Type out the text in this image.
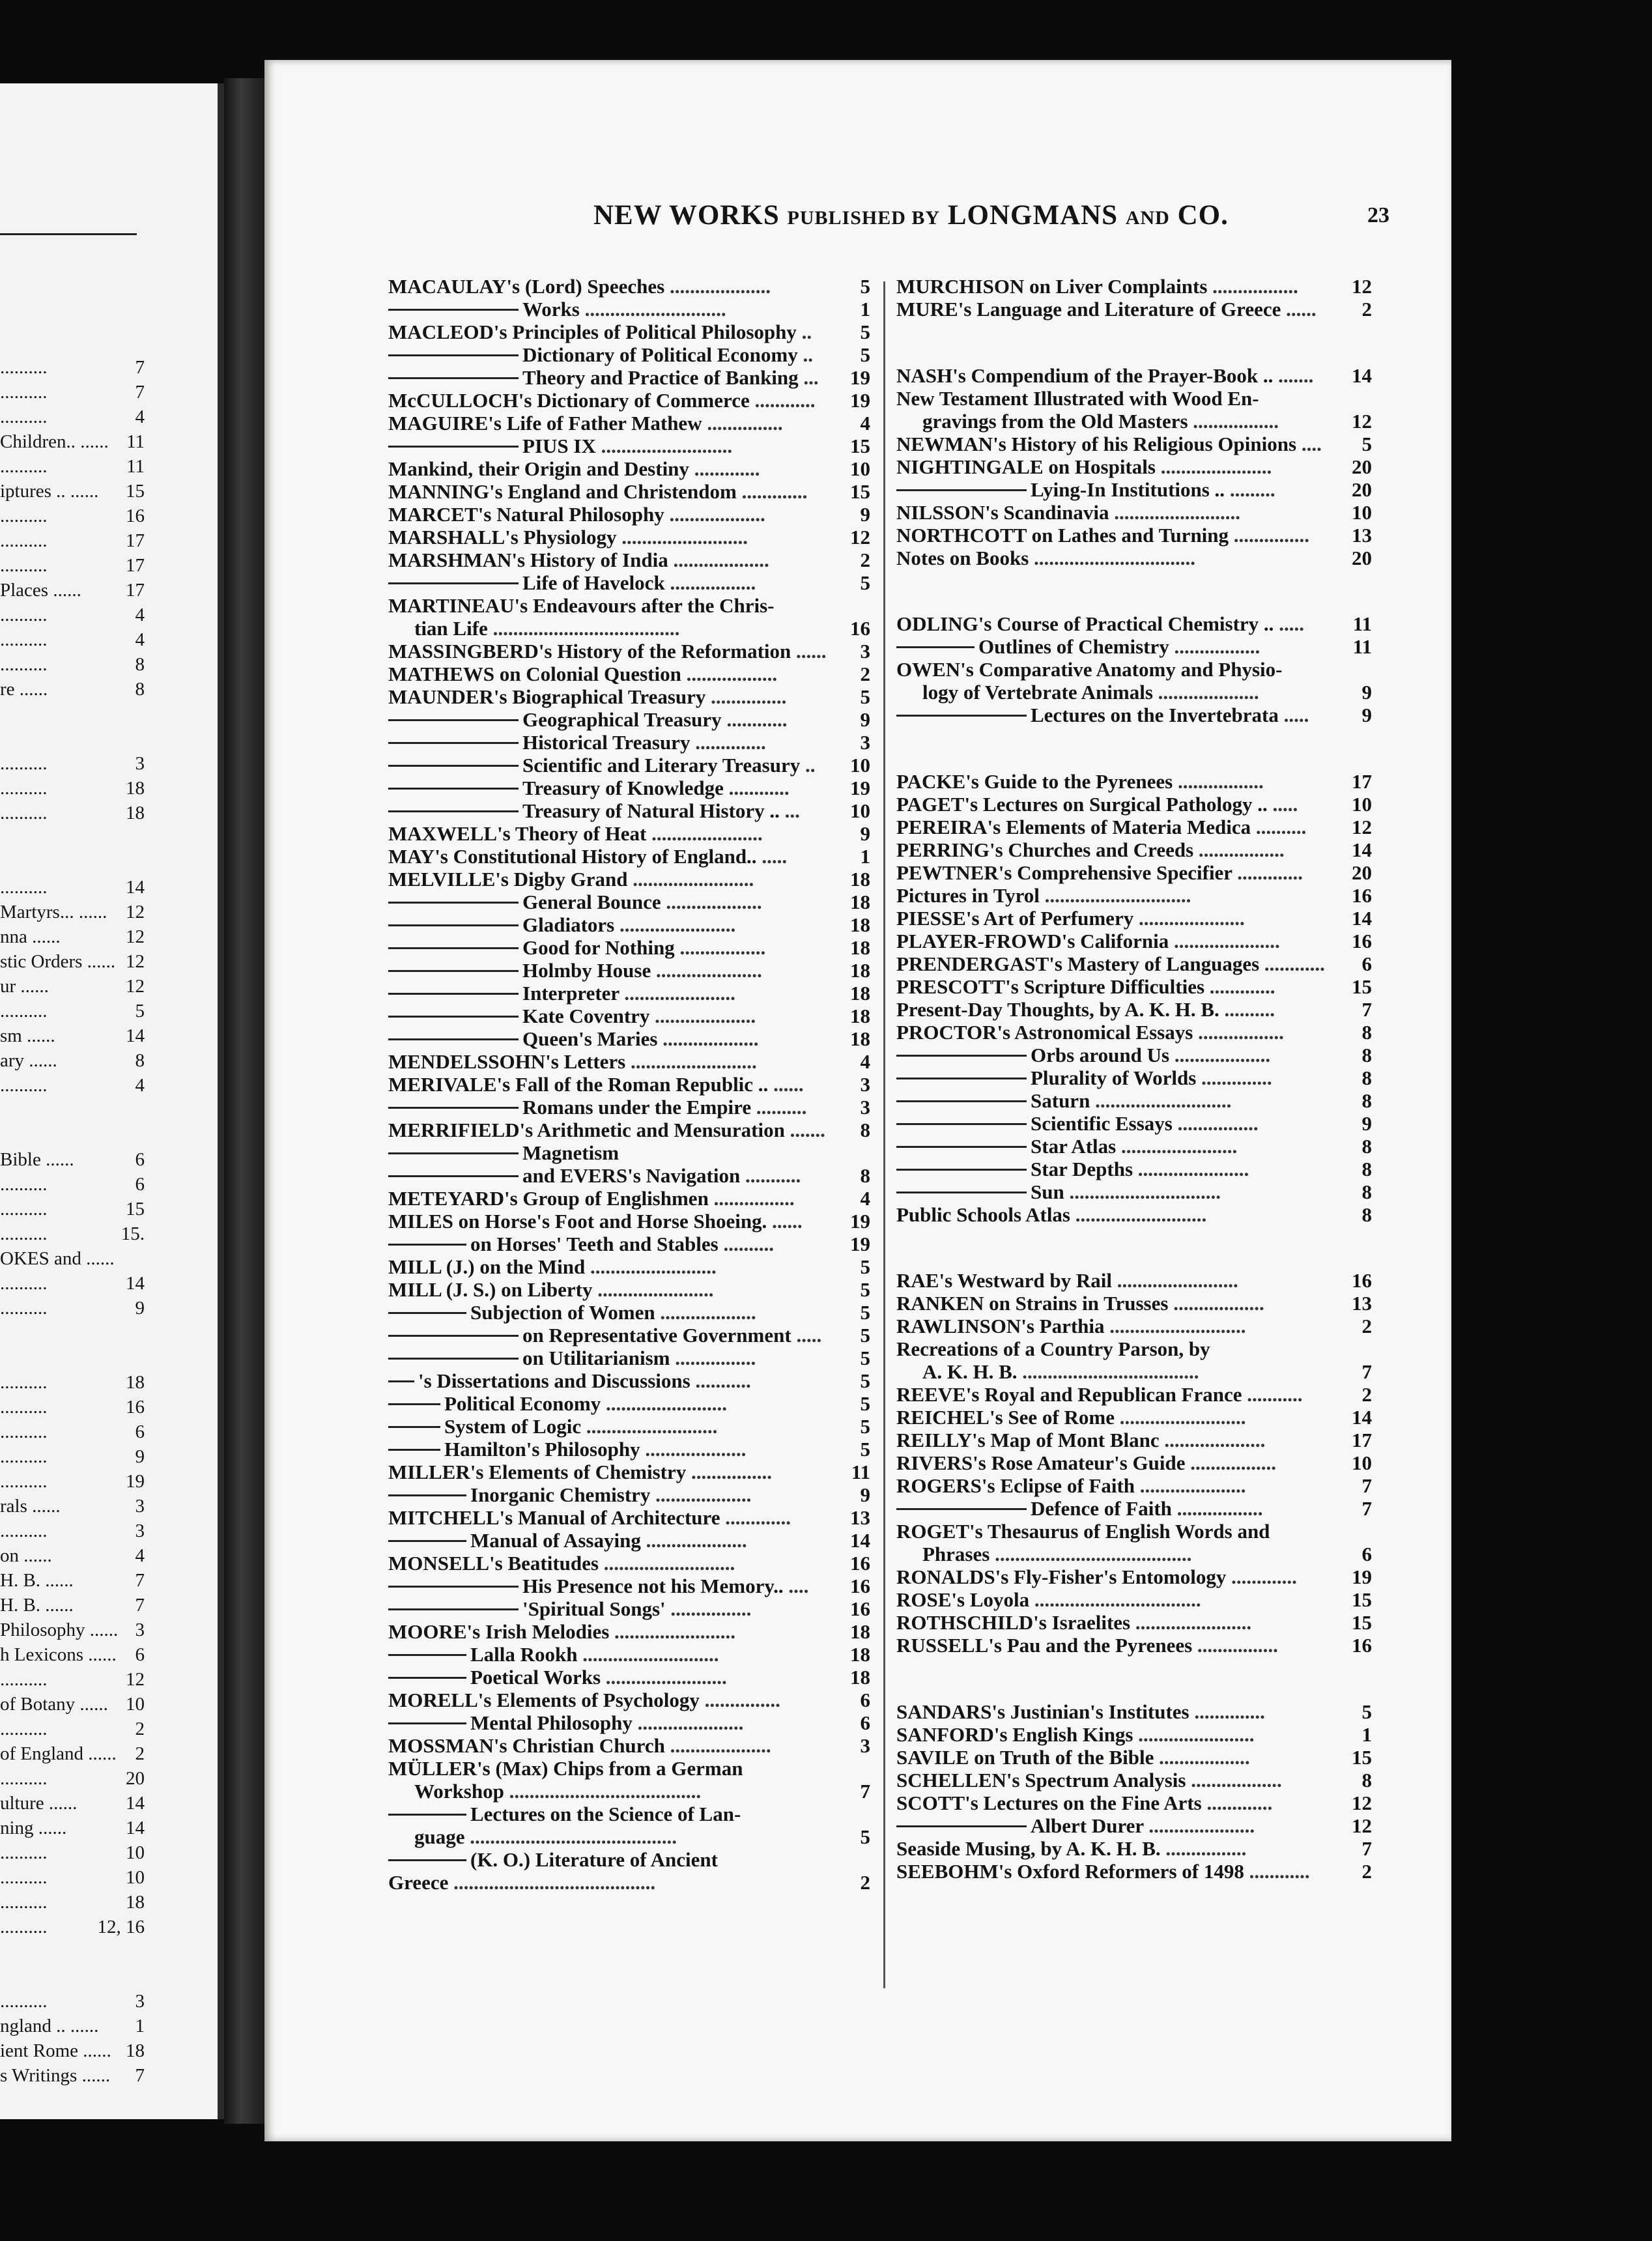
..........	7
..........	7
..........	4
Children.. ...... 11
..........	11
iptures .. ...... 15
..........	16
..........	17
..........	17
Places ...... 17
..........	4
..........	4
..........	8
re ......	8
..........	3
..........	18
..........	18
..........	14
Martyrs... ...... 12
nna ......	12
stic Orders ...... 12
ur ......	12
..........	5
sm ......	14
ary ......	8
..........	4
Bible ......	6
..........	6
..........	15
..........	15.
OKES and ......
..........	14
..........	9
..........	18
..........	16
..........	6
..........	9
..........	19
rals ......	3
..........	3
on ......	4
H. B. ......	7
H. B. ......	7
Philosophy ...... 3
h Lexicons ...... 6
..........	12
of Botany ...... 10
..........	2
of England ...... 2
..........	20
ulture ......	14
ning ......	14
..........	10
..........	10
..........	18
..........	12, 16
..........	3
ngland .. ...... 1
ient Rome ...... 18
s Writings ...... 7
NEW WORKS PUBLISHED BY LONGMANS AND CO.	23
MACAULAY's (Lord) Speeches ....................	5
Works ............................	1
MACLEOD's Principles of Political Philosophy ..	5
Dictionary of Political Economy ..	5
Theory and Practice of Banking ...	19
McCULLOCH's Dictionary of Commerce ............	19
MAGUIRE's Life of Father Mathew ...............	4
PIUS IX ..........................	15
Mankind, their Origin and Destiny .............	10
MANNING's England and Christendom .............	15
MARCET's Natural Philosophy ...................	9
MARSHALL's Physiology .........................	12
MARSHMAN's History of India ...................	2
Life of Havelock .................	5
MARTINEAU's Endeavours after the Chris-
tian Life .....................................	16
MASSINGBERD's History of the Reformation ......	3
MATHEWS on Colonial Question ..................	2
MAUNDER's Biographical Treasury ...............	5
Geographical Treasury ............	9
Historical Treasury ..............	3
Scientific and Literary Treasury ..	10
Treasury of Knowledge ............	19
Treasury of Natural History .. ...	10
MAXWELL's Theory of Heat ......................	9
MAY's Constitutional History of England.. .....	1
MELVILLE's Digby Grand ........................	18
General Bounce ...................	18
Gladiators .......................	18
Good for Nothing .................	18
Holmby House .....................	18
Interpreter ......................	18
Kate Coventry ....................	18
Queen's Maries ...................	18
MENDELSSOHN's Letters .........................	4
MERIVALE's Fall of the Roman Republic .. ......	3
Romans under the Empire ..........	3
MERRIFIELD's Arithmetic and Mensuration .......	8
Magnetism
and EVERS's Navigation ...........	8
METEYARD's Group of Englishmen ................	4
MILES on Horse's Foot and Horse Shoeing. ......	19
on Horses' Teeth and Stables ..........	19
MILL (J.) on the Mind .........................	5
MILL (J. S.) on Liberty .......................	5
Subjection of Women ...................	5
on Representative Government .....	5
on Utilitarianism ................	5
's Dissertations and Discussions ...........	5
Political Economy ........................	5
System of Logic ..........................	5
Hamilton's Philosophy ....................	5
MILLER's Elements of Chemistry ................	11
Inorganic Chemistry ...................	9
MITCHELL's Manual of Architecture .............	13
Manual of Assaying ....................	14
MONSELL's Beatitudes ..........................	16
His Presence not his Memory.. ....	16
'Spiritual Songs' ................	16
MOORE's Irish Melodies ........................	18
Lalla Rookh ...........................	18
Poetical Works ........................	18
MORELL's Elements of Psychology ...............	6
Mental Philosophy .....................	6
MOSSMAN's Christian Church ....................	3
MÜLLER's (Max) Chips from a German
Workshop ......................................	7
Lectures on the Science of Lan-
guage .........................................	5
(K. O.) Literature of Ancient
Greece ........................................	2
MURCHISON on Liver Complaints .................	12
MURE's Language and Literature of Greece ......	2
NASH's Compendium of the Prayer-Book .. .......	14
New Testament Illustrated with Wood En-
gravings from the Old Masters .................	12
NEWMAN's History of his Religious Opinions ....	5
NIGHTINGALE on Hospitals ......................	20
Lying-In Institutions .. .........	20
NILSSON's Scandinavia .........................	10
NORTHCOTT on Lathes and Turning ...............	13
Notes on Books ................................	20
ODLING's Course of Practical Chemistry .. .....	11
Outlines of Chemistry .................	11
OWEN's Comparative Anatomy and Physio-
logy of Vertebrate Animals ....................	9
Lectures on the Invertebrata .....	9
PACKE's Guide to the Pyrenees .................	17
PAGET's Lectures on Surgical Pathology .. .....	10
PEREIRA's Elements of Materia Medica ..........	12
PERRING's Churches and Creeds .................	14
PEWTNER's Comprehensive Specifier .............	20
Pictures in Tyrol .............................	16
PIESSE's Art of Perfumery .....................	14
PLAYER-FROWD's California .....................	16
PRENDERGAST's Mastery of Languages ............	6
PRESCOTT's Scripture Difficulties .............	15
Present-Day Thoughts, by A. K. H. B. ..........	7
PROCTOR's Astronomical Essays .................	8
Orbs around Us ...................	8
Plurality of Worlds ..............	8
Saturn ...........................	8
Scientific Essays ................	9
Star Atlas .......................	8
Star Depths ......................	8
Sun ..............................	8
Public Schools Atlas ..........................	8
RAE's Westward by Rail ........................	16
RANKEN on Strains in Trusses ..................	13
RAWLINSON's Parthia ...........................	2
Recreations of a Country Parson, by
A. K. H. B. ...................................	7
REEVE's Royal and Republican France ...........	2
REICHEL's See of Rome .........................	14
REILLY's Map of Mont Blanc ....................	17
RIVERS's Rose Amateur's Guide .................	10
ROGERS's Eclipse of Faith .....................	7
Defence of Faith .................	7
ROGET's Thesaurus of English Words and
Phrases .......................................	6
RONALDS's Fly-Fisher's Entomology .............	19
ROSE's Loyola .................................	15
ROTHSCHILD's Israelites .......................	15
RUSSELL's Pau and the Pyrenees ................	16
SANDARS's Justinian's Institutes ..............	5
SANFORD's English Kings .......................	1
SAVILE on Truth of the Bible ..................	15
SCHELLEN's Spectrum Analysis ..................	8
SCOTT's Lectures on the Fine Arts .............	12
Albert Durer .....................	12
Seaside Musing, by A. K. H. B. ................	7
SEEBOHM's Oxford Reformers of 1498 ............	2
